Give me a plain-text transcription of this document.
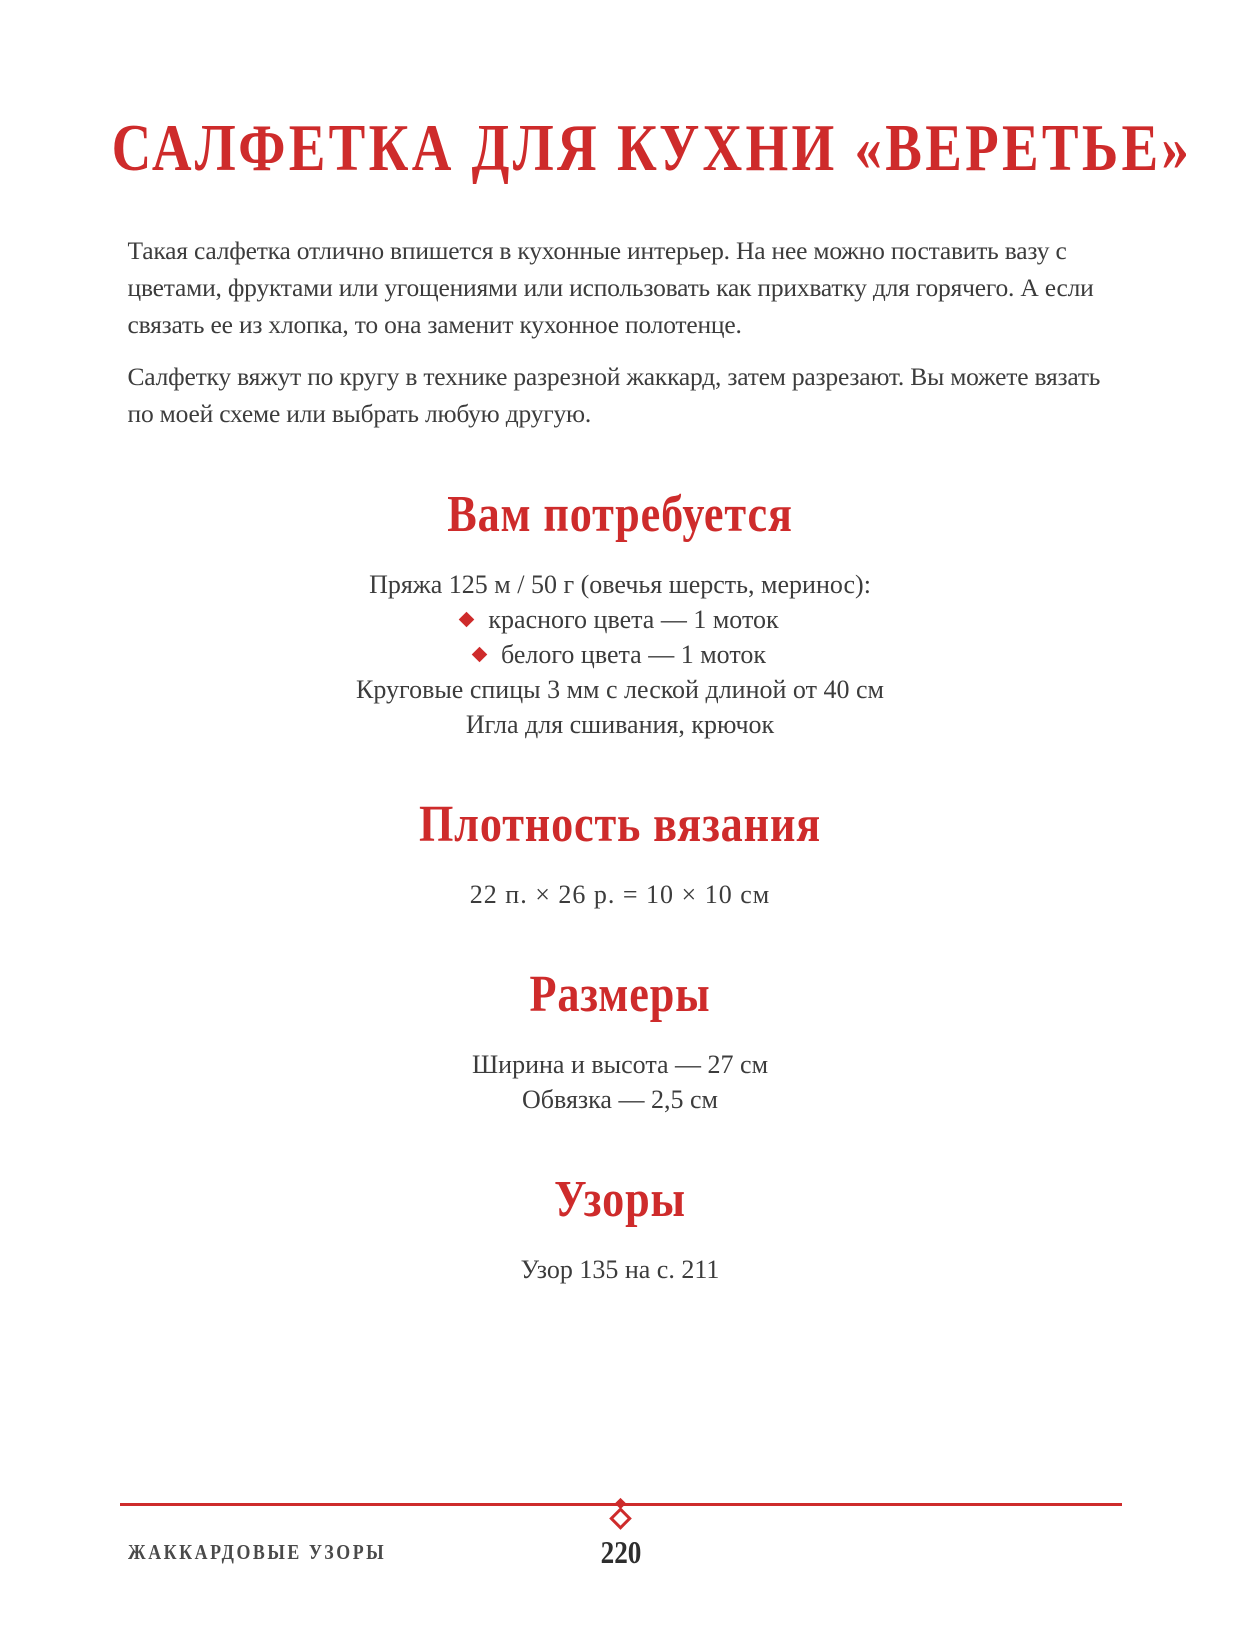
САЛФЕТКА ДЛЯ КУХНИ «ВЕРЕТЬЕ»

Такая салфетка отлично впишется в кухонные интерьер. На нее можно поставить вазу с цветами, фруктами или угощениями или использовать как прихватку для горячего. А если связать ее из хлопка, то она заменит кухонное полотенце.

Салфетку вяжут по кругу в технике разрезной жаккард, затем разрезают. Вы можете вязать по моей схеме или выбрать любую другую.

Вам потребуется

Пряжа 125 м / 50 г (овечья шерсть, меринос):

красного цвета — 1 моток

белого цвета — 1 моток

Круговые спицы 3 мм с леской длиной от 40 см

Игла для сшивания, крючок

Плотность вязания

22 п. × 26 р. = 10 × 10 см

Размеры

Ширина и высота — 27 см

Обвязка — 2,5 см

Узоры

Узор 135 на с. 211

ЖАККАРДОВЫЕ УЗОРЫ	220
